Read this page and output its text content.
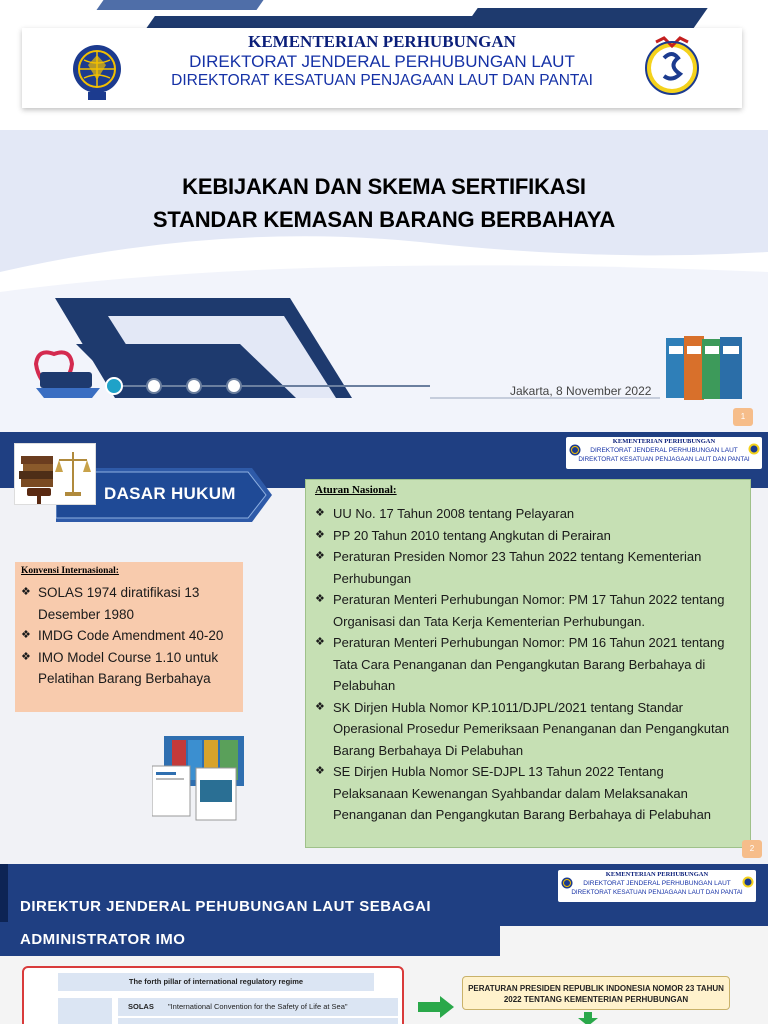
KEMENTERIAN PERHUBUNGAN
DIREKTORAT JENDERAL PERHUBUNGAN LAUT
DIREKTORAT KESATUAN PENJAGAAN LAUT DAN PANTAI
KEBIJAKAN DAN SKEMA SERTIFIKASI
STANDAR KEMASAN BARANG BERBAHAYA
Jakarta, 8 November 2022
1
KEMENTERIAN PERHUBUNGAN
DIREKTORAT JENDERAL PERHUBUNGAN LAUT
DIREKTORAT KESATUAN PENJAGAAN LAUT DAN PANTAI
DASAR HUKUM	Aturan Nasional:
❖ UU No. 17 Tahun 2008 tentang Pelayaran
❖ PP 20 Tahun 2010 tentang Angkutan di Perairan
❖ Peraturan Presiden Nomor 23 Tahun 2022 tentang Kementerian Perhubungan
❖ Peraturan Menteri Perhubungan Nomor: PM 17 Tahun 2022 tentang Organisasi dan Tata Kerja Kementerian Perhubungan.
❖ Peraturan Menteri Perhubungan Nomor: PM 16 Tahun 2021 tentang Tata Cara Penanganan dan Pengangkutan Barang Berbahaya di Pelabuhan
❖ SK Dirjen Hubla Nomor KP.1011/DJPL/2021 tentang Standar Operasional Prosedur Pemeriksaan Penanganan dan Pengangkutan Barang Berbahaya Di Pelabuhan
❖ SE Dirjen Hubla Nomor SE-DJPL 13 Tahun 2022 Tentang Pelaksanaan Kewenangan Syahbandar dalam Melaksanakan Penanganan dan Pengangkutan Barang Berbahaya di Pelabuhan
Konvensi Internasional:
❖ SOLAS 1974 diratifikasi 13 Desember 1980
❖ IMDG Code Amendment 40-20
❖ IMO Model Course 1.10 untuk Pelatihan Barang Berbahaya
2
DIREKTUR JENDERAL PEHUBUNGAN LAUT SEBAGAI
ADMINISTRATOR IMO
KEMENTERIAN PERHUBUNGAN
DIREKTORAT JENDERAL PERHUBUNGAN LAUT
DIREKTORAT KESATUAN PENJAGAAN LAUT DAN PANTAI
The forth pillar of international regulatory regime
SOLAS "International Convention for the Safety of Life at Sea"
PERATURAN PRESIDEN REPUBLIK INDONESIA NOMOR 23 TAHUN 2022 TENTANG KEMENTERIAN PERHUBUNGAN
